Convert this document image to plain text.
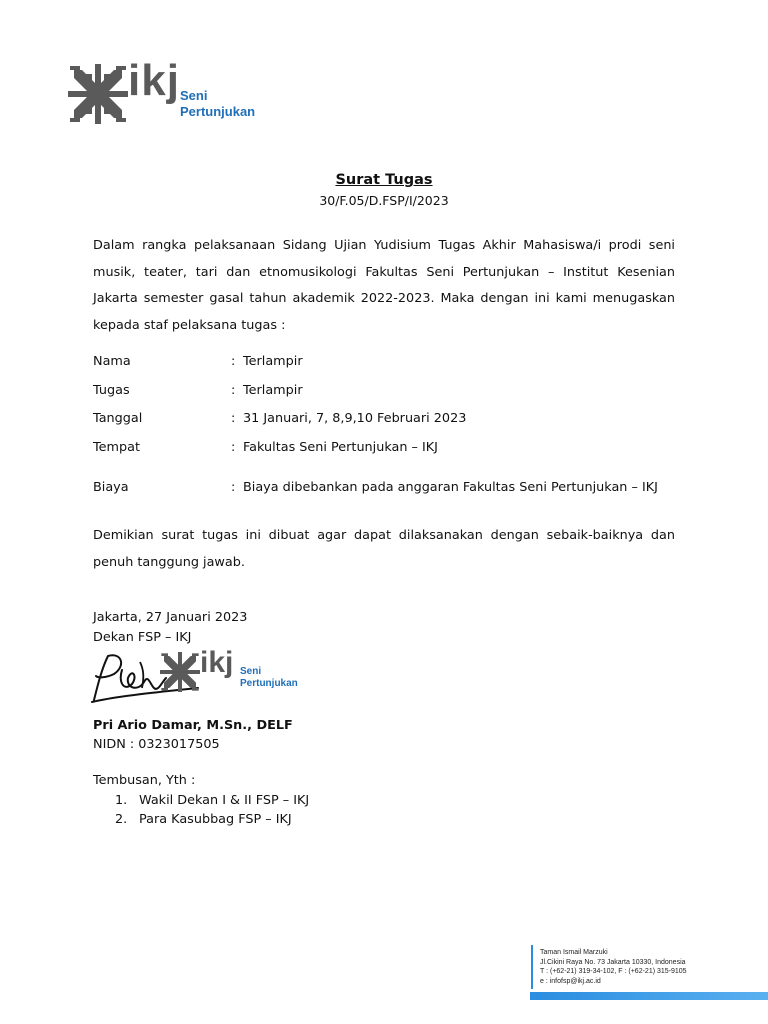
ikj Seni
Pertunjukan
Surat Tugas
30/F.05/D.FSP/I/2023
Dalam rangka pelaksanaan Sidang Ujian Yudisium Tugas Akhir Mahasiswa/i prodi seni musik, teater, tari dan etnomusikologi Fakultas Seni Pertunjukan – Institut Kesenian Jakarta semester gasal tahun akademik 2022-2023. Maka dengan ini kami menugaskan kepada staf pelaksana tugas :
Nama	: Terlampir
Tugas	: Terlampir
Tanggal	: 31 Januari, 7, 8,9,10 Februari 2023
Tempat	: Fakultas Seni Pertunjukan – IKJ
Biaya	: Biaya dibebankan pada anggaran Fakultas Seni Pertunjukan – IKJ
Demikian surat tugas ini dibuat agar dapat dilaksanakan dengan sebaik-baiknya dan penuh tanggung jawab.
Jakarta, 27 Januari 2023
Dekan FSP – IKJ
ikj Seni
Pertunjukan
Pri Ario Damar, M.Sn., DELF
NIDN : 0323017505
Tembusan, Yth :
1. Wakil Dekan I & II FSP – IKJ
2. Para Kasubbag FSP – IKJ
Taman Ismail Marzuki
Jl.Cikini Raya No. 73 Jakarta 10330, Indonesia
T : (+62-21) 319-34-102, F : (+62-21) 315-9105
e : infofsp@ikj.ac.id
